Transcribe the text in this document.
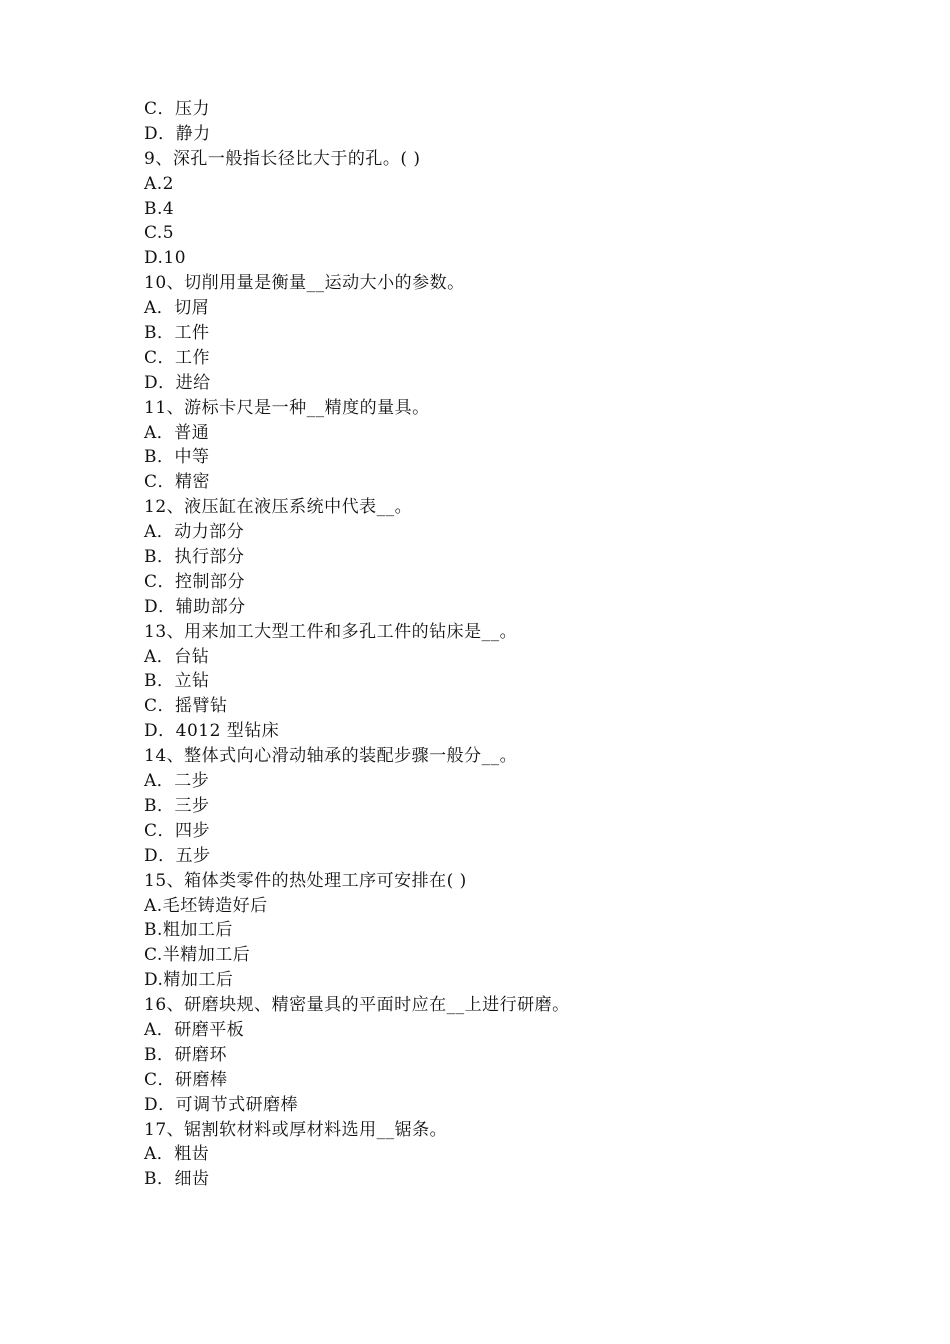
C．压力
D．静力
9、深孔一般指长径比大于的孔。( )
A.2
B.4
C.5
D.10
10、切削用量是衡量__运动大小的参数。
A．切屑
B．工件
C．工作
D．进给
11、游标卡尺是一种__精度的量具。
A．普通
B．中等
C．精密
12、液压缸在液压系统中代表__。
A．动力部分
B．执行部分
C．控制部分
D．辅助部分
13、用来加工大型工件和多孔工件的钻床是__。
A．台钻
B．立钻
C．摇臂钻
D．4012 型钻床
14、整体式向心滑动轴承的装配步骤一般分__。
A．二步
B．三步
C．四步
D．五步
15、箱体类零件的热处理工序可安排在( )
A.毛坯铸造好后
B.粗加工后
C.半精加工后
D.精加工后
16、研磨块规、精密量具的平面时应在__上进行研磨。
A．研磨平板
B．研磨环
C．研磨棒
D．可调节式研磨棒
17、锯割软材料或厚材料选用__锯条。
A．粗齿
B．细齿
